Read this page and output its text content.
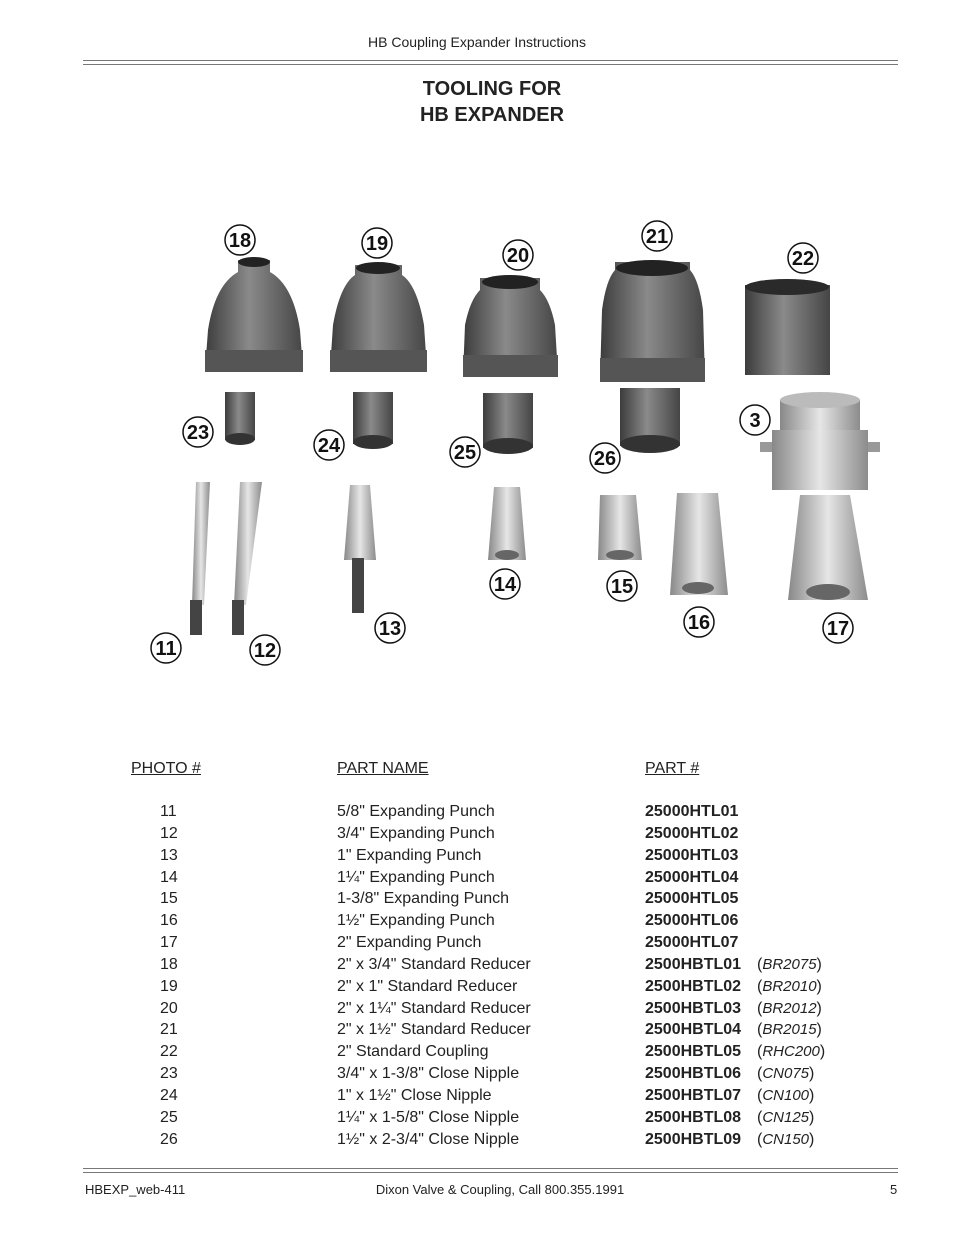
HB Coupling Expander Instructions
TOOLING FOR
HB EXPANDER
18	19
20
21
22
23
24	25	26
3
11	12
13
14	15
16	17
PHOTO #	PART NAME	PART #
11	5/8" Expanding Punch	25000HTL01
12	3/4" Expanding Punch	25000HTL02
13	1" Expanding Punch	25000HTL03
14	1¼" Expanding Punch	25000HTL04
15	1-3/8" Expanding Punch	25000HTL05
16	1½" Expanding Punch	25000HTL06
17	2" Expanding Punch	25000HTL07
18	2" x 3/4" Standard Reducer	2500HBTL01 (BR2075)
19	2" x 1" Standard Reducer	2500HBTL02 (BR2010)
20	2" x 1¼" Standard Reducer	2500HBTL03 (BR2012)
21	2" x 1½" Standard Reducer	2500HBTL04 (BR2015)
22	2" Standard Coupling	2500HBTL05 (RHC200)
23	3/4" x 1-3/8" Close Nipple	2500HBTL06 (CN075)
24	1" x 1½" Close Nipple	2500HBTL07 (CN100)
25	1¼" x 1-5/8" Close Nipple	2500HBTL08 (CN125)
26	1½" x 2-3/4" Close Nipple	2500HBTL09 (CN150)
HBEXP_web-411	Dixon Valve & Coupling, Call 800.355.1991	5
